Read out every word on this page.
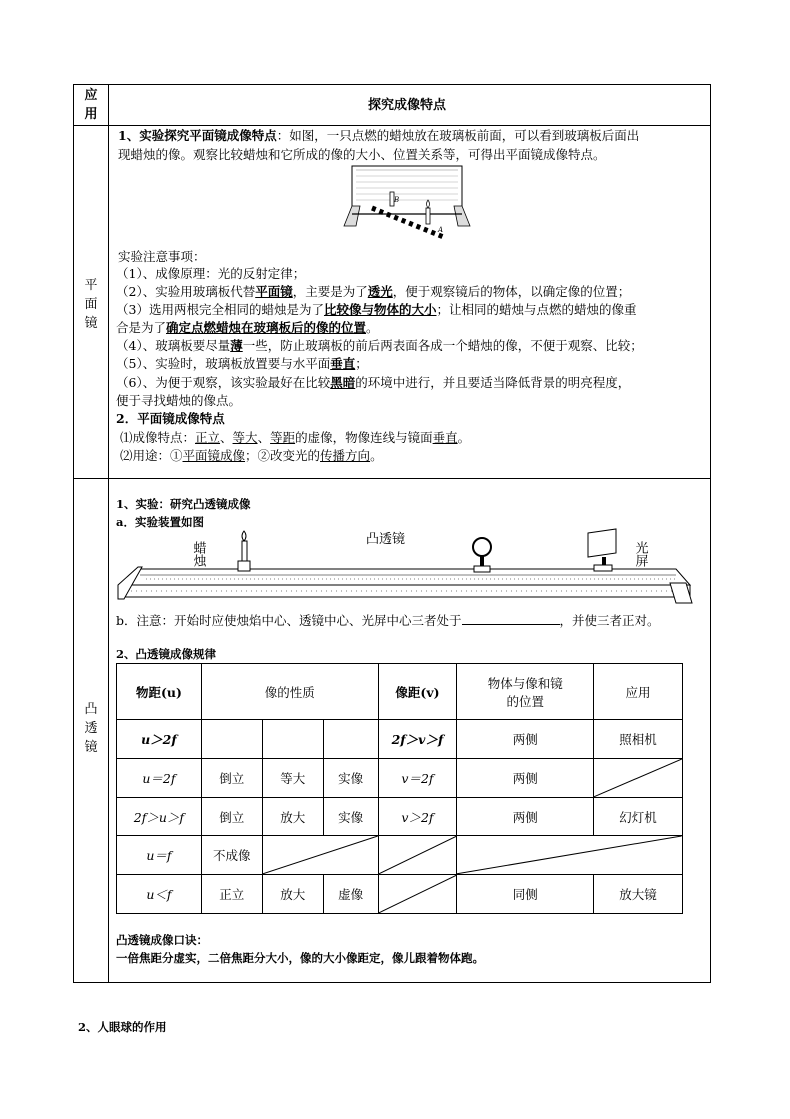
应用
探究成像特点
平面镜
1、实验探究平面镜成像特点：如图，一只点燃的蜡烛放在玻璃板前面，可以看到玻璃板后面出
现蜡烛的像。观察比较蜡烛和它所成的像的大小、位置关系等，可得出平面镜成像特点。
B
A
实验注意事项：
（1）、成像原理：光的反射定律；
（2）、实验用玻璃板代替平面镜，主要是为了透光，便于观察镜后的物体，以确定像的位置；
（3）选用两根完全相同的蜡烛是为了比较像与物体的大小；让相同的蜡烛与点燃的蜡烛的像重
合是为了确定点燃蜡烛在玻璃板后的像的位置。
（4）、玻璃板要尽量薄一些，防止玻璃板的前后两表面各成一个蜡烛的像，不便于观察、比较；
（5）、实验时，玻璃板放置要与水平面垂直；
（6）、为便于观察，该实验最好在比较黑暗的环境中进行，并且要适当降低背景的明亮程度，
便于寻找蜡烛的像点。
2．平面镜成像特点
⑴成像特点：正立、等大、等距的虚像，物像连线与镜面垂直。
⑵用途：①平面镜成像；②改变光的传播方向。
凸透镜
1、实验：研究凸透镜成像
a．实验装置如图
蜡烛
凸透镜
光屏
b．注意：开始时应使烛焰中心、透镜中心、光屏中心三者处于	，并使三者正对。
2、凸透镜成像规律
物距(u)	像的性质			像距(v)	物体与像和镜
的位置	应用
u＞2f				2f＞v＞f	两侧	照相机
u＝2f	倒立	等大	实像	v＝2f	两侧	

2f＞u＞f	倒立	放大	实像	v＞2f	两侧	幻灯机
u＝f	不成像	

u＜f	正立	放大	虚像		同侧	放大镜
凸透镜成像口诀：
一倍焦距分虚实，二倍焦距分大小，像的大小像距定，像儿跟着物体跑。
2、人眼球的作用
